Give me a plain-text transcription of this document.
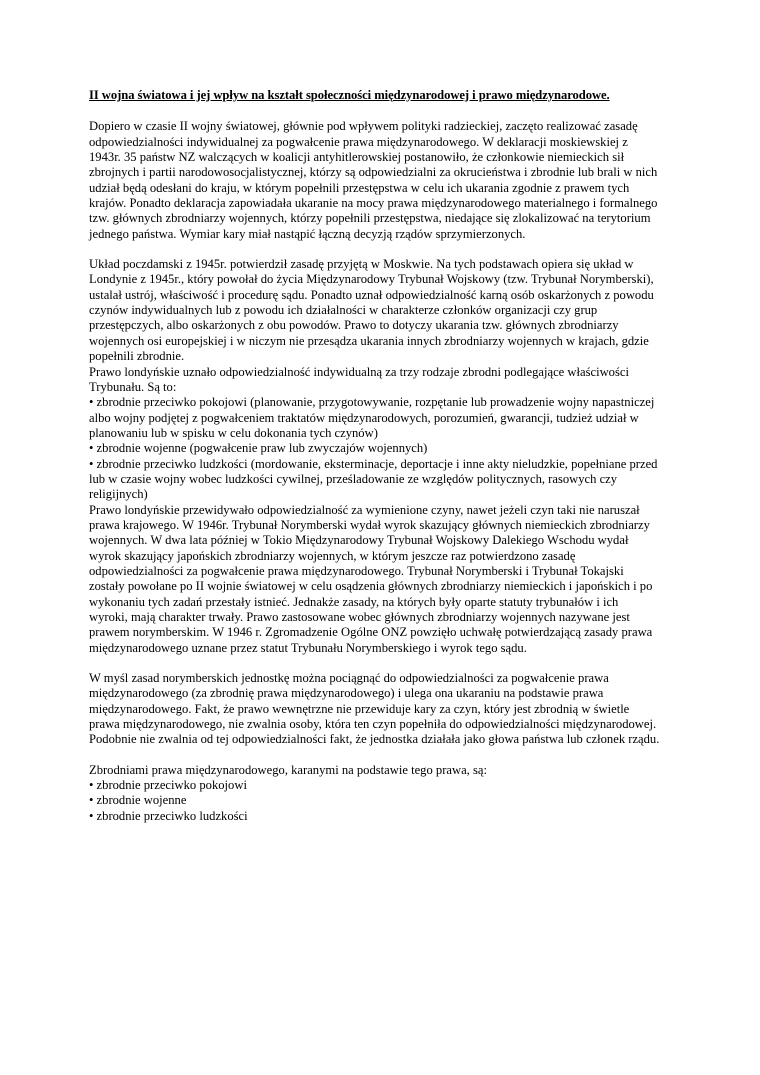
II wojna światowa i jej wpływ na kształt społeczności międzynarodowej i prawo międzynarodowe.
Dopiero w czasie II wojny światowej, głównie pod wpływem polityki radzieckiej, zaczęto realizować zasadę
odpowiedzialności indywidualnej za pogwałcenie prawa międzynarodowego. W deklaracji moskiewskiej z
1943r. 35 państw NZ walczących w koalicji antyhitlerowskiej postanowiło, że członkowie niemieckich sił
zbrojnych i partii narodowosocjalistycznej, którzy są odpowiedzialni za okrucieństwa i zbrodnie lub brali w nich
udział będą odesłani do kraju, w którym popełnili przestępstwa w celu ich ukarania zgodnie z prawem tych
krajów. Ponadto deklaracja zapowiadała ukaranie na mocy prawa międzynarodowego materialnego i formalnego
tzw. głównych zbrodniarzy wojennych, którzy popełnili przestępstwa, niedające się zlokalizować na terytorium
jednego państwa. Wymiar kary miał nastąpić łączną decyzją rządów sprzymierzonych.
Układ poczdamski z 1945r. potwierdził zasadę przyjętą w Moskwie. Na tych podstawach opiera się układ w
Londynie z 1945r., który powołał do życia Międzynarodowy Trybunał Wojskowy (tzw. Trybunał Norymberski),
ustalał ustrój, właściwość i procedurę sądu. Ponadto uznał odpowiedzialność karną osób oskarżonych z powodu
czynów indywidualnych lub z powodu ich działalności w charakterze członków organizacji czy grup
przestępczych, albo oskarżonych z obu powodów. Prawo to dotyczy ukarania tzw. głównych zbrodniarzy
wojennych osi europejskiej i w niczym nie przesądza ukarania innych zbrodniarzy wojennych w krajach, gdzie
popełnili zbrodnie.
Prawo londyńskie uznało odpowiedzialność indywidualną za trzy rodzaje zbrodni podlegające właściwości
Trybunału. Są to:
• zbrodnie przeciwko pokojowi (planowanie, przygotowywanie, rozpętanie lub prowadzenie wojny napastniczej
albo wojny podjętej z pogwałceniem traktatów międzynarodowych, porozumień, gwarancji, tudzież udział w
planowaniu lub w spisku w celu dokonania tych czynów)
• zbrodnie wojenne (pogwałcenie praw lub zwyczajów wojennych)
• zbrodnie przeciwko ludzkości (mordowanie, eksterminacje, deportacje i inne akty nieludzkie, popełniane przed
lub w czasie wojny wobec ludzkości cywilnej, prześladowanie ze względów politycznych, rasowych czy
religijnych)
Prawo londyńskie przewidywało odpowiedzialność za wymienione czyny, nawet jeżeli czyn taki nie naruszał
prawa krajowego. W 1946r. Trybunał Norymberski wydał wyrok skazujący głównych niemieckich zbrodniarzy
wojennych. W dwa lata później w Tokio Międzynarodowy Trybunał Wojskowy Dalekiego Wschodu wydał
wyrok skazujący japońskich zbrodniarzy wojennych, w którym jeszcze raz potwierdzono zasadę
odpowiedzialności za pogwałcenie prawa międzynarodowego. Trybunał Norymberski i Trybunał Tokajski
zostały powołane po II wojnie światowej w celu osądzenia głównych zbrodniarzy niemieckich i japońskich i po
wykonaniu tych zadań przestały istnieć. Jednakże zasady, na których były oparte statuty trybunałów i ich
wyroki, mają charakter trwały. Prawo zastosowane wobec głównych zbrodniarzy wojennych nazywane jest
prawem norymberskim. W 1946 r. Zgromadzenie Ogólne ONZ powzięło uchwałę potwierdzającą zasady prawa
międzynarodowego uznane przez statut Trybunału Norymberskiego i wyrok tego sądu.
W myśl zasad norymberskich jednostkę można pociągnąć do odpowiedzialności za pogwałcenie prawa
międzynarodowego (za zbrodnię prawa międzynarodowego) i ulega ona ukaraniu na podstawie prawa
międzynarodowego. Fakt, że prawo wewnętrzne nie przewiduje kary za czyn, który jest zbrodnią w świetle
prawa międzynarodowego, nie zwalnia osoby, która ten czyn popełniła do odpowiedzialności międzynarodowej.
Podobnie nie zwalnia od tej odpowiedzialności fakt, że jednostka działała jako głowa państwa lub członek rządu.
Zbrodniami prawa międzynarodowego, karanymi na podstawie tego prawa, są:
• zbrodnie przeciwko pokojowi
• zbrodnie wojenne
• zbrodnie przeciwko ludzkości
